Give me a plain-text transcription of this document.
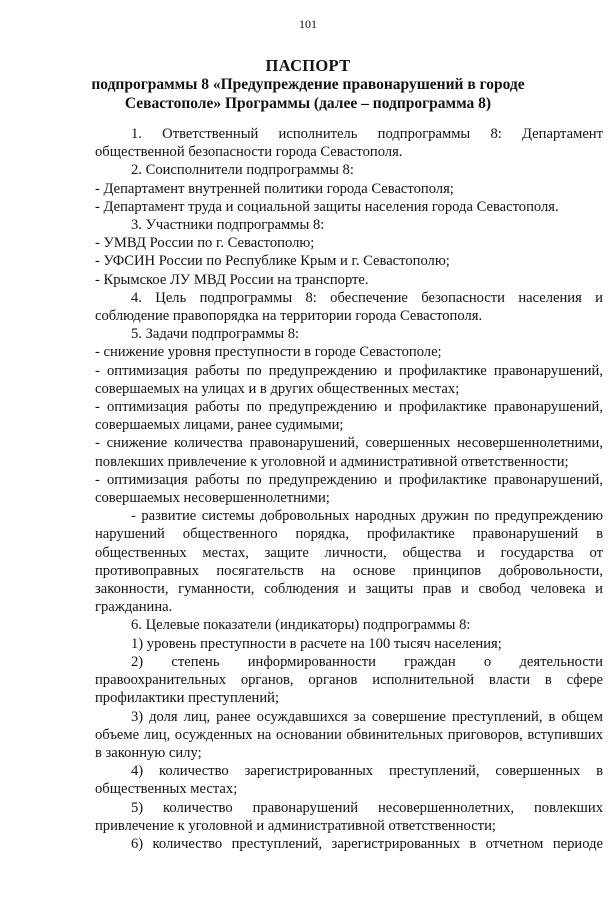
101
ПАСПОРТ
подпрограммы 8 «Предупреждение правонарушений в городе
Севастополе» Программы (далее – подпрограмма 8)

1. Ответственный исполнитель подпрограммы 8: Департамент общественной безопасности города Севастополя.

2. Соисполнители подпрограммы 8:

- Департамент внутренней политики города Севастополя;

- Департамент труда и социальной защиты населения города Севастополя.

3. Участники подпрограммы 8:

- УМВД России по г. Севастополю;

- УФСИН России по Республике Крым и г. Севастополю;

- Крымское ЛУ МВД России на транспорте.

4. Цель подпрограммы 8: обеспечение безопасности населения и соблюдение правопорядка на территории города Севастополя.

5. Задачи подпрограммы 8:

- снижение уровня преступности в городе Севастополе;

- оптимизация работы по предупреждению и профилактике правонарушений, совершаемых на улицах и в других общественных местах;

- оптимизация работы по предупреждению и профилактике правонарушений, совершаемых лицами, ранее судимыми;

- снижение количества правонарушений, совершенных несовершеннолетними, повлекших привлечение к уголовной и административной ответственности;

- оптимизация работы по предупреждению и профилактике правонарушений, совершаемых несовершеннолетними;

- развитие системы добровольных народных дружин по предупреждению нарушений общественного порядка, профилактике правонарушений в общественных местах, защите личности, общества и государства от противоправных посягательств на основе принципов добровольности, законности, гуманности, соблюдения и защиты прав и свобод человека и гражданина.

6. Целевые показатели (индикаторы) подпрограммы 8:

1) уровень преступности в расчете на 100 тысяч населения;

2) степень информированности граждан о деятельности правоохранительных органов, органов исполнительной власти в сфере профилактики преступлений;

3) доля лиц, ранее осуждавшихся за совершение преступлений, в общем объеме лиц, осужденных на основании обвинительных приговоров, вступивших в законную силу;

4) количество зарегистрированных преступлений, совершенных в общественных местах;

5) количество правонарушений несовершеннолетних, повлекших привлечение к уголовной и административной ответственности;

6) количество преступлений, зарегистрированных в отчетном периоде
